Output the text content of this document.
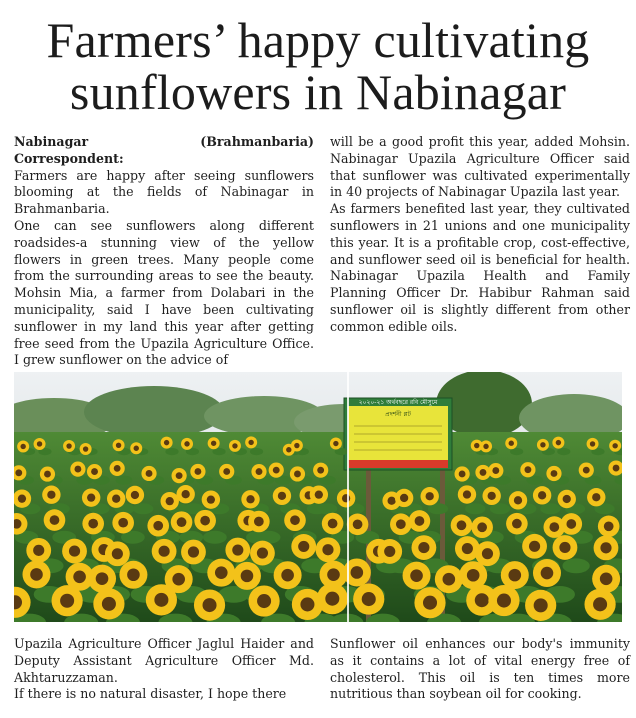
Farmers’ happy cultivating sunflowers in Nabinagar

Nabinagar (Brahmanbaria) Correspondent:

Farmers are happy after seeing sunflowers blooming at the fields of Nabinagar in Brahmanbaria.

One can see sunflowers along different roadsides-a stunning view of the yellow flowers in green trees. Many people come from the surrounding areas to see the beauty. Mohsin Mia, a farmer from Dolabari in the municipality, said I have been cultivating sunflower in my land this year after getting free seed from the Upazila Agriculture Office. I grew sunflower on the advice of

will be a good profit this year, added Mohsin. Nabinagar Upazila Agriculture Officer said that sunflower was cultivated experimentally in 40 projects of Nabinagar Upazila last year.

As farmers benefited last year, they cultivated sunflowers in 21 unions and one municipality this year. It is a profitable crop, cost-effective, and sunflower seed oil is beneficial for health. Nabinagar Upazila Health and Family Planning Officer Dr. Habibur Rahman said sunflower oil is slightly different from other common edible oils.

২০২০-২১ অর্থবছরে রবি মৌসুমে
প্রদর্শনী প্লট

Upazila Agriculture Officer Jaglul Haider and Deputy Assistant Agriculture Officer Md. Akhtaruzzaman.

If there is no natural disaster, I hope there

Sunflower oil enhances our body's immunity as it contains a lot of vital energy free of cholesterol. This oil is ten times more nutritious than soybean oil for cooking.
